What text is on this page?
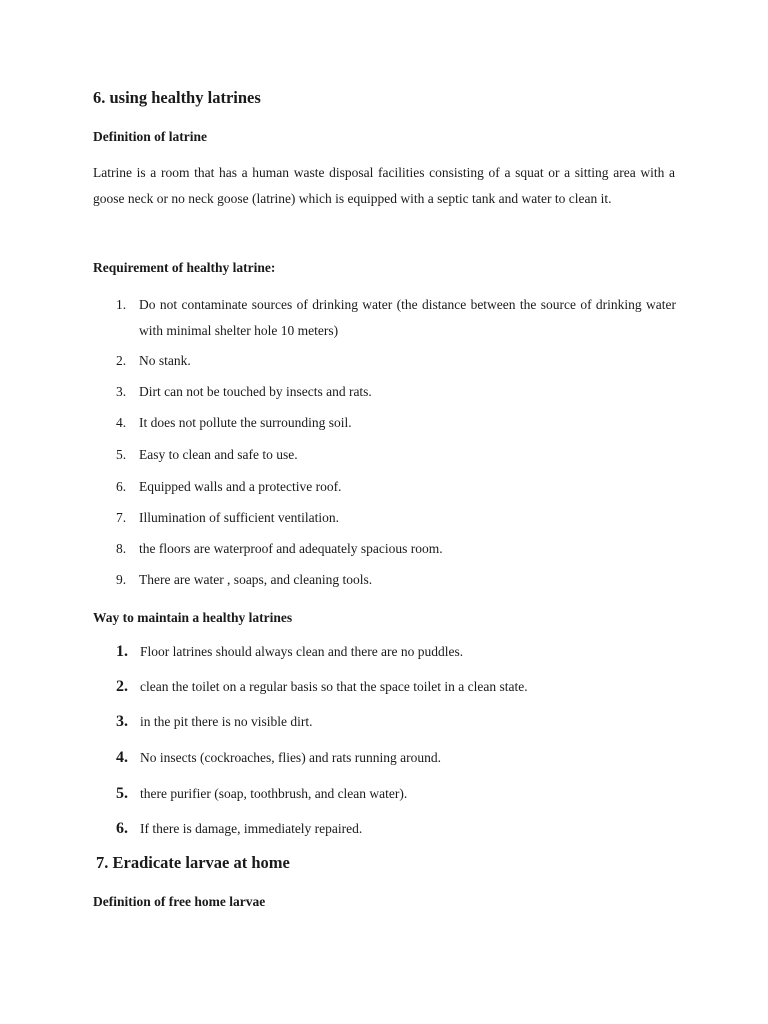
6. using healthy latrines
Definition of latrine
Latrine is a room that has a human waste disposal facilities consisting of a squat or a sitting area with a goose neck or no neck goose (latrine) which is equipped with a septic tank and water to clean it.
Requirement of healthy latrine:
1. Do not contaminate sources of drinking water (the distance between the source of drinking water with minimal shelter hole 10 meters)
2. No stank.
3. Dirt can not be touched by insects and rats.
4. It does not pollute the surrounding soil.
5. Easy to clean and safe to use.
6. Equipped walls and a protective roof.
7. Illumination of sufficient ventilation.
8. the floors are waterproof and adequately spacious room.
9. There are water , soaps, and cleaning tools.
Way to maintain a healthy latrines
1. Floor latrines should always clean and there are no puddles.
2. clean the toilet on a regular basis so that the space toilet in a clean state.
3. in the pit there is no visible dirt.
4. No insects (cockroaches, flies) and rats running around.
5. there purifier (soap, toothbrush, and clean water).
6. If there is damage, immediately repaired.
7. Eradicate larvae at home
Definition of free home larvae
